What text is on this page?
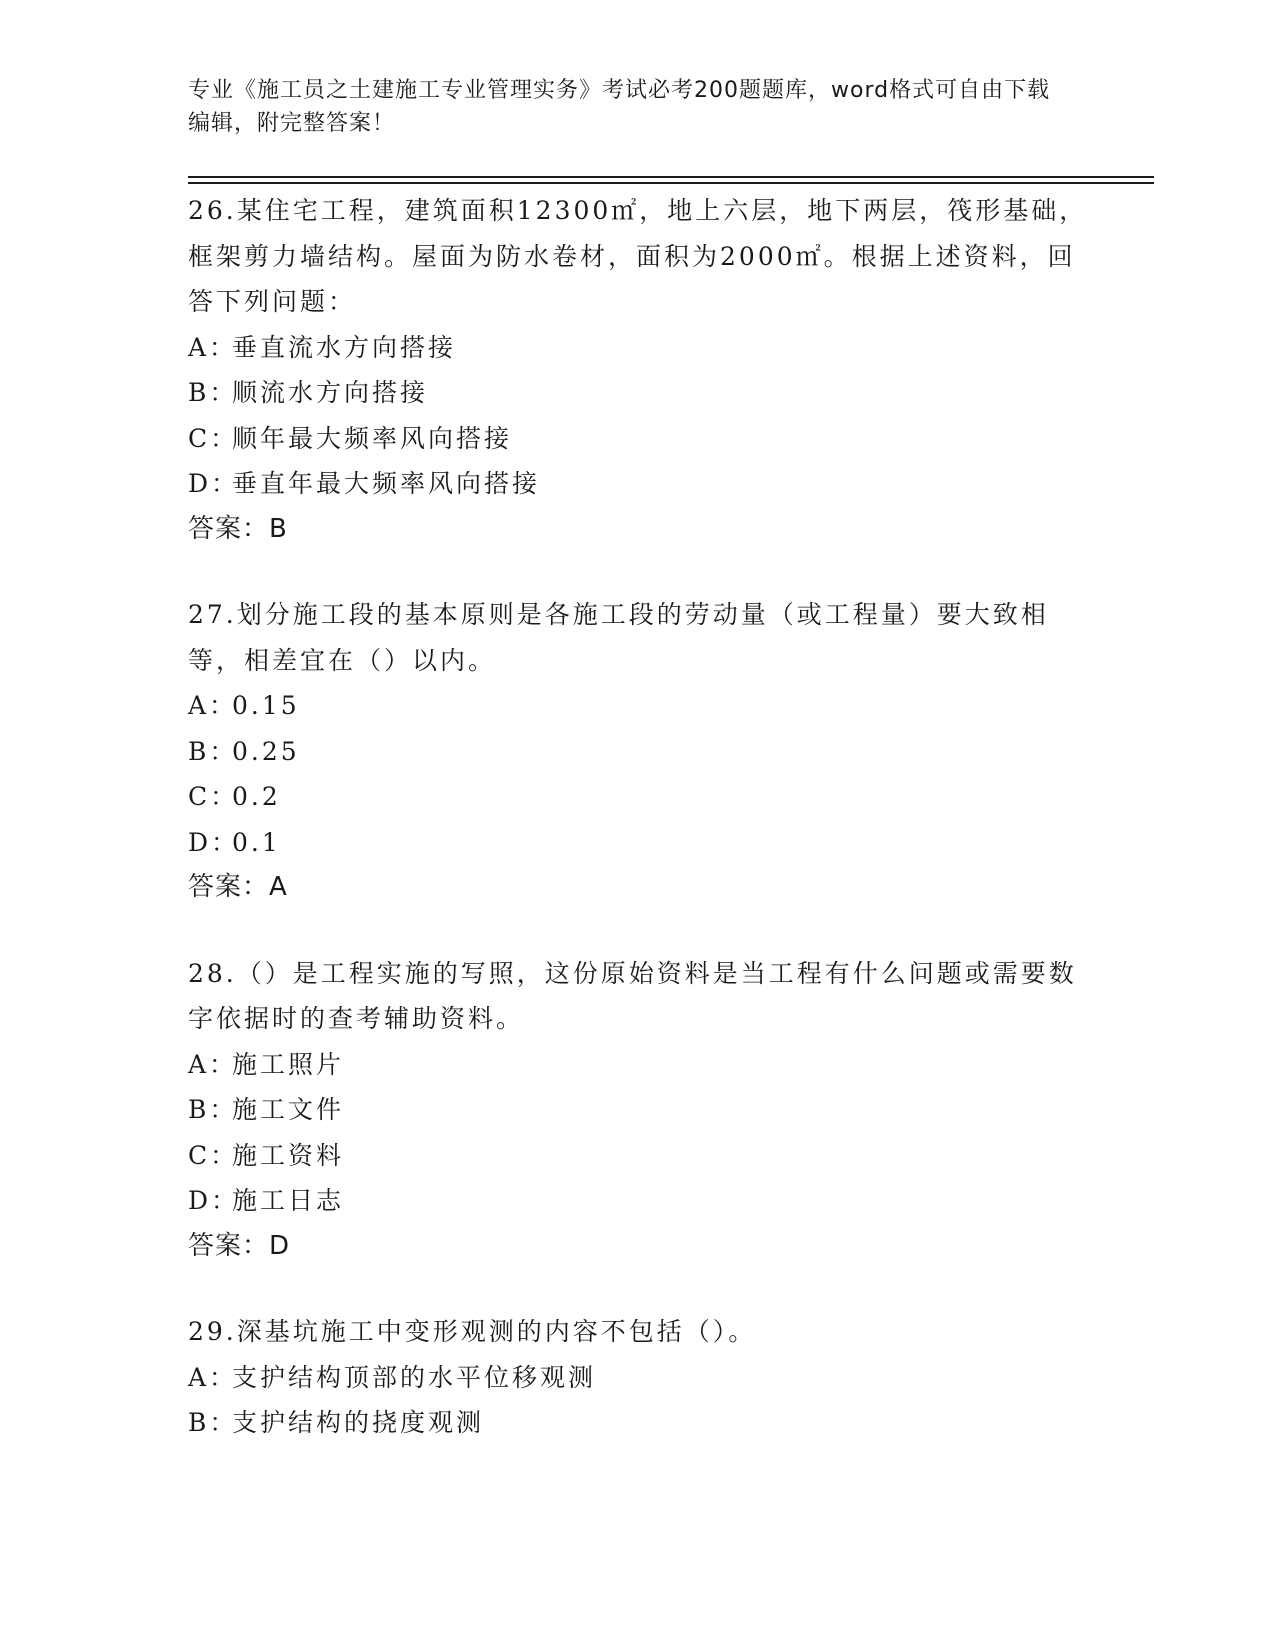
专业《施工员之土建施工专业管理实务》考试必考200题题库，word格式可自由下载编辑，附完整答案！
26.某住宅工程，建筑面积12300㎡，地上六层，地下两层，筏形基础，框架剪力墙结构。屋面为防水卷材，面积为2000㎡。根据上述资料，回答下列问题：
A：垂直流水方向搭接
B：顺流水方向搭接
C：顺年最大频率风向搭接
D：垂直年最大频率风向搭接
答案：B
27.划分施工段的基本原则是各施工段的劳动量（或工程量）要大致相等，相差宜在（）以内。
A：0.15
B：0.25
C：0.2
D：0.1
答案：A
28.（）是工程实施的写照，这份原始资料是当工程有什么问题或需要数字依据时的查考辅助资料。
A：施工照片
B：施工文件
C：施工资料
D：施工日志
答案：D
29.深基坑施工中变形观测的内容不包括（）。
A：支护结构顶部的水平位移观测
B：支护结构的挠度观测
